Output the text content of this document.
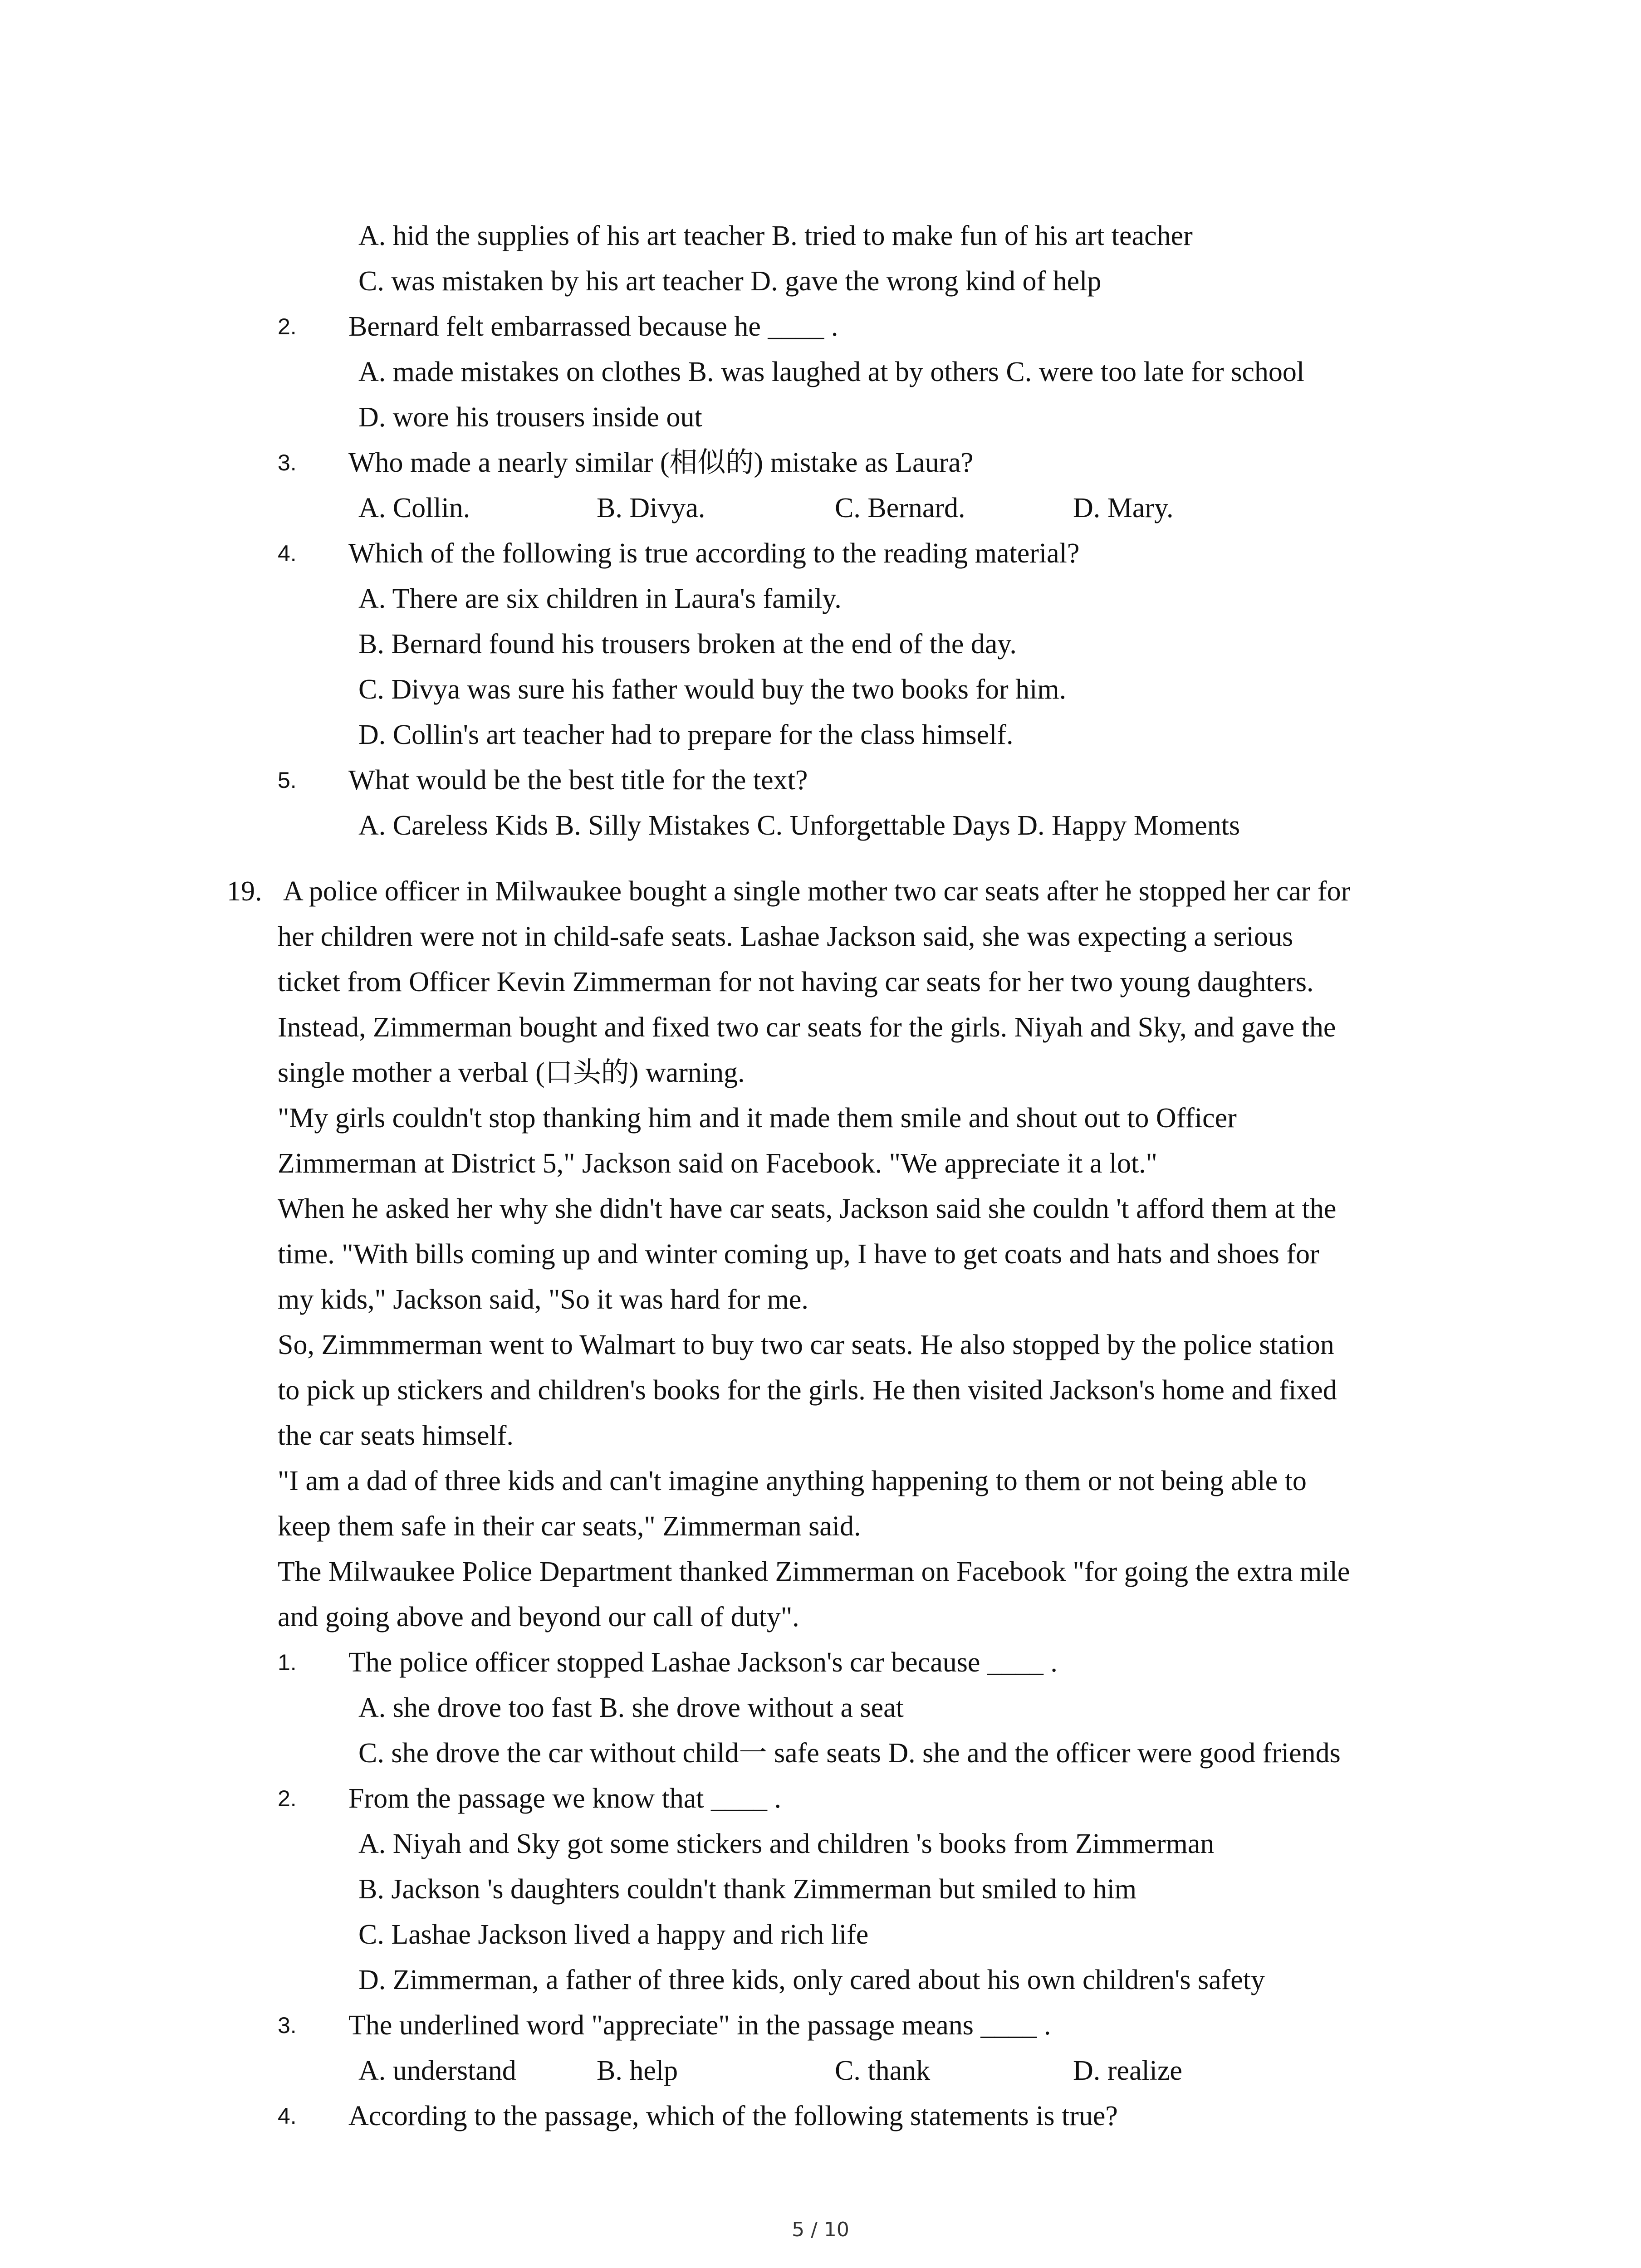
A. hid the supplies of his art teacher B. tried to make fun of his art teacher

C. was mistaken by his art teacher D. gave the wrong kind of help

2. Bernard felt embarrassed because he ____ .

A. made mistakes on clothes B. was laughed at by others C. were too late for school

D. wore his trousers inside out

3. Who made a nearly similar (相似的) mistake as Laura?

A. Collin.	B. Divya.	C. Bernard.	D. Mary.

4. Which of the following is true according to the reading material?

A. There are six children in Laura's family.

B. Bernard found his trousers broken at the end of the day.

C. Divya was sure his father would buy the two books for him.

D. Collin's art teacher had to prepare for the class himself.

5. What would be the best title for the text?

A. Careless Kids B. Silly Mistakes C. Unforgettable Days D. Happy Moments

19. A police officer in Milwaukee bought a single mother two car seats after he stopped her car for

her children were not in child-safe seats. Lashae Jackson said, she was expecting a serious

ticket from Officer Kevin Zimmerman for not having car seats for her two young daughters.

Instead, Zimmerman bought and fixed two car seats for the girls. Niyah and Sky, and gave the

single mother a verbal (口头的) warning.

"My girls couldn't stop thanking him and it made them smile and shout out to Officer

Zimmerman at District 5," Jackson said on Facebook. "We appreciate it a lot."

When he asked her why she didn't have car seats, Jackson said she couldn 't afford them at the

time. "With bills coming up and winter coming up, I have to get coats and hats and shoes for

my kids," Jackson said, "So it was hard for me.

So, Zimmmerman went to Walmart to buy two car seats. He also stopped by the police station

to pick up stickers and children's books for the girls. He then visited Jackson's home and fixed

the car seats himself.

"I am a dad of three kids and can't imagine anything happening to them or not being able to

keep them safe in their car seats," Zimmerman said.

The Milwaukee Police Department thanked Zimmerman on Facebook "for going the extra mile

and going above and beyond our call of duty".

1. The police officer stopped Lashae Jackson's car because ____ .

A. she drove too fast B. she drove without a seat

C. she drove the car without child一 safe seats D. she and the officer were good friends

2. From the passage we know that ____ .

A. Niyah and Sky got some stickers and children 's books from Zimmerman

B. Jackson 's daughters couldn't thank Zimmerman but smiled to him

C. Lashae Jackson lived a happy and rich life

D. Zimmerman, a father of three kids, only cared about his own children's safety

3. The underlined word "appreciate" in the passage means ____ .

A. understand	B. help	C. thank	D. realize

4. According to the passage, which of the following statements is true?

5 / 10
